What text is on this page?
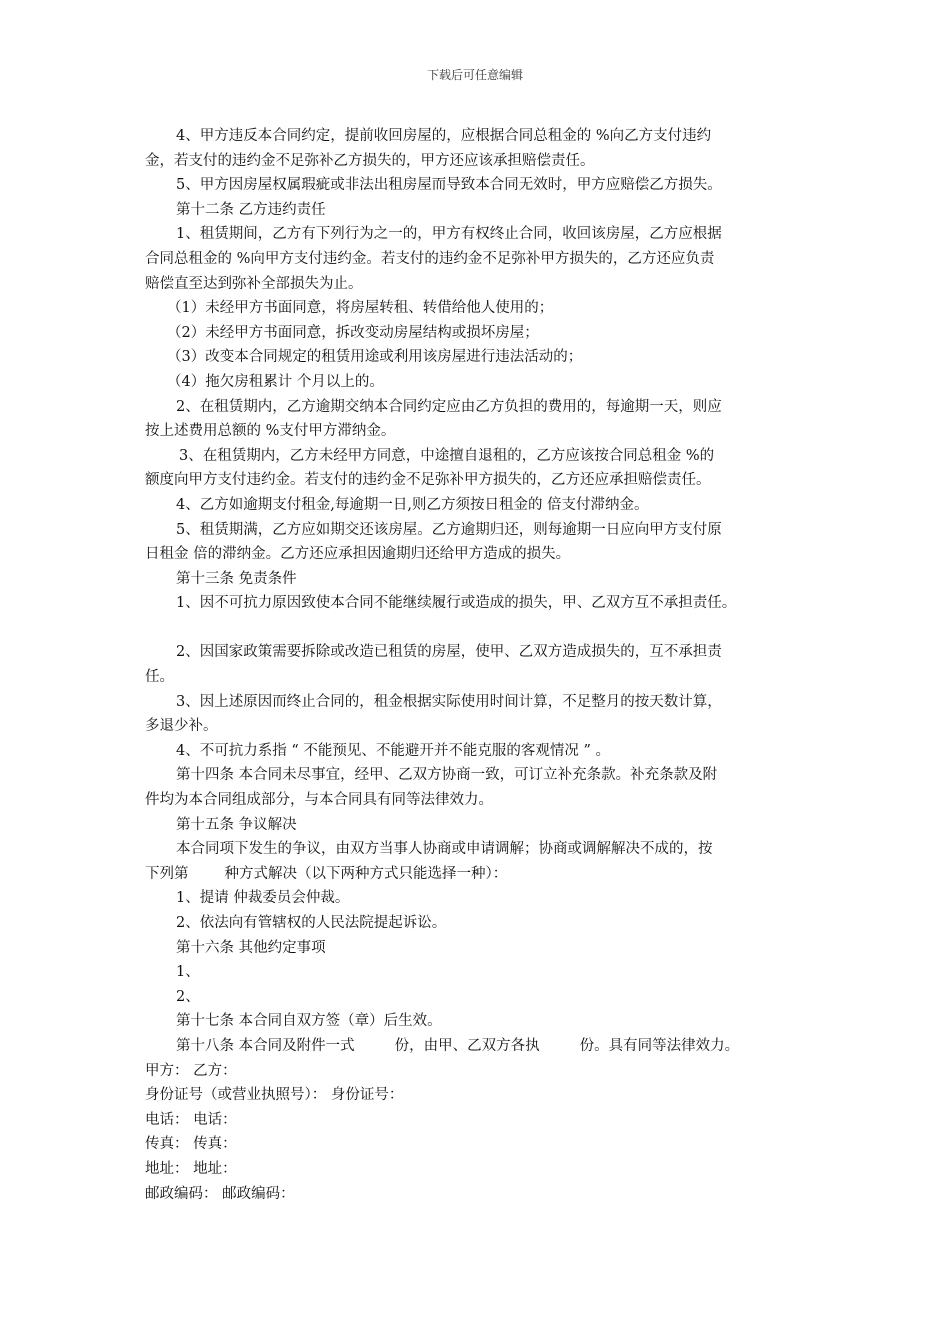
下载后可任意编辑
4、甲方违反本合同约定，提前收回房屋的，应根据合同总租金的 %向乙方支付违约
金，若支付的违约金不足弥补乙方损失的，甲方还应该承担赔偿责任。
5、甲方因房屋权属瑕疵或非法出租房屋而导致本合同无效时，甲方应赔偿乙方损失。
第十二条 乙方违约责任
1、租赁期间，乙方有下列行为之一的，甲方有权终止合同，收回该房屋，乙方应根据
合同总租金的 %向甲方支付违约金。若支付的违约金不足弥补甲方损失的，乙方还应负责
赔偿直至达到弥补全部损失为止。
（1）未经甲方书面同意，将房屋转租、转借给他人使用的；
（2）未经甲方书面同意，拆改变动房屋结构或损坏房屋；
（3）改变本合同规定的租赁用途或利用该房屋进行违法活动的；
（4）拖欠房租累计 个月以上的。
2、在租赁期内，乙方逾期交纳本合同约定应由乙方负担的费用的，每逾期一天，则应
按上述费用总额的 %支付甲方滞纳金。
3、在租赁期内，乙方未经甲方同意，中途擅自退租的，乙方应该按合同总租金 %的
额度向甲方支付违约金。若支付的违约金不足弥补甲方损失的，乙方还应承担赔偿责任。
4、乙方如逾期支付租金,每逾期一日,则乙方须按日租金的 倍支付滞纳金。
5、租赁期满，乙方应如期交还该房屋。乙方逾期归还，则每逾期一日应向甲方支付原
日租金 倍的滞纳金。乙方还应承担因逾期归还给甲方造成的损失。
第十三条 免责条件
1、因不可抗力原因致使本合同不能继续履行或造成的损失，甲、乙双方互不承担责任。
2、因国家政策需要拆除或改造已租赁的房屋，使甲、乙双方造成损失的，互不承担责
任。
3、因上述原因而终止合同的，租金根据实际使用时间计算，不足整月的按天数计算，
多退少补。
4、不可抗力系指 “ 不能预见、不能避开并不能克服的客观情况 ” 。
第十四条 本合同未尽事宜，经甲、乙双方协商一致，可订立补充条款。补充条款及附
件均为本合同组成部分，与本合同具有同等法律效力。
第十五条 争议解决
本合同项下发生的争议，由双方当事人协商或申请调解；协商或调解解决不成的，按
下列第 种方式解决（以下两种方式只能选择一种）：
1、提请 仲裁委员会仲裁。
2、依法向有管辖权的人民法院提起诉讼。
第十六条 其他约定事项
1、
2、
第十七条 本合同自双方签（章）后生效。
第十八条 本合同及附件一式	份，由甲、乙双方各执	份。具有同等法律效力。
甲方： 乙方：
身份证号（或营业执照号）： 身份证号：
电话： 电话：
传真： 传真：
地址： 地址：
邮政编码： 邮政编码：
